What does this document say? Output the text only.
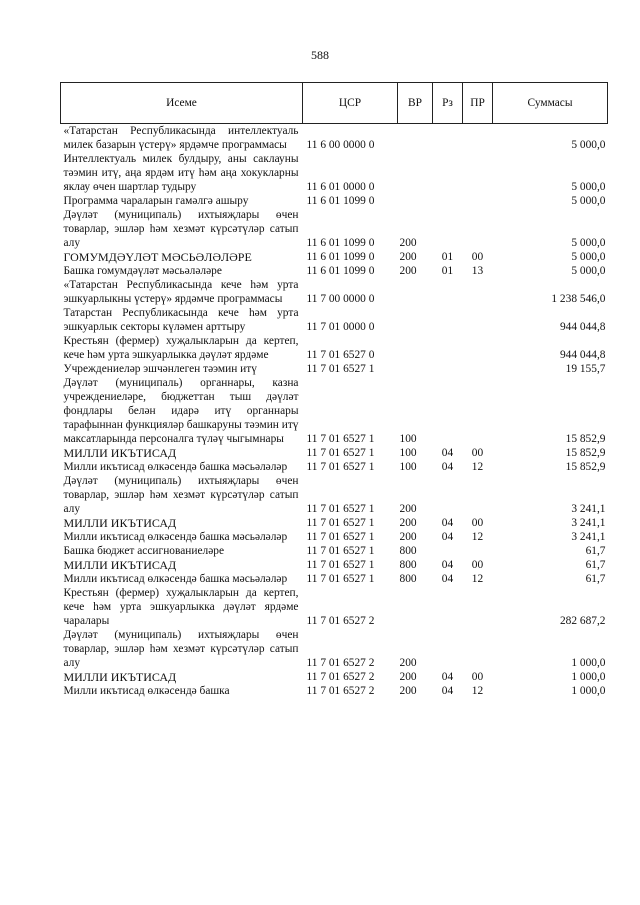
588
Исеме	ЦСР	ВР	Рз	ПР	Суммасы
«Татарстан Республикасында интеллектуаль милек базарын үстерү» ярдәмче программасы	11 6 00 0000 0				5 000,0
Интеллектуаль милек булдыру, аны саклауны тәэмин итү, аңа ярдәм итү һәм аңа хокукларны яклау өчен шартлар тудыру	11 6 01 0000 0				5 000,0
Программа чараларын гамәлгә ашыру	11 6 01 1099 0				5 000,0
Дәүләт (муниципаль) ихтыяҗлары өчен товарлар, эшләр һәм хезмәт күрсәтүләр сатып алу	11 6 01 1099 0	200			5 000,0
ГОМУМДӘҮЛӘТ МӘСЬӘЛӘЛӘРЕ	11 6 01 1099 0	200	01	00	5 000,0
Башка гомумдәүләт мәсьәләләре	11 6 01 1099 0	200	01	13	5 000,0
«Татарстан Республикасында кече һәм урта эшкуарлыкны үстерү» ярдәмче программасы	11 7 00 0000 0				1 238 546,0
Татарстан Республикасында кече һәм урта эшкуарлык секторы күләмен арттыру	11 7 01 0000 0				944 044,8
Крестьян (фермер) хуҗалыкларын да кертеп, кече һәм урта эшкуарлыкка дәүләт ярдәме	11 7 01 6527 0				944 044,8
Учреждениеләр эшчәнлеген тәэмин итү	11 7 01 6527 1				19 155,7
Дәүләт (муниципаль) органнары, казна учреждениеләре, бюджеттан тыш дәүләт фондлары белән идарә итү органнары тарафыннан функцияләр башкаруны тәэмин итү максатларында персоналга түләү чыгымнары	11 7 01 6527 1	100			15 852,9
МИЛЛИ ИКЪТИСАД	11 7 01 6527 1	100	04	00	15 852,9
Милли икътисад өлкәсендә башка мәсьәләләр	11 7 01 6527 1	100	04	12	15 852,9
Дәүләт (муниципаль) ихтыяҗлары өчен товарлар, эшләр һәм хезмәт күрсәтүләр сатып алу	11 7 01 6527 1	200			3 241,1
МИЛЛИ ИКЪТИСАД	11 7 01 6527 1	200	04	00	3 241,1
Милли икътисад өлкәсендә башка мәсьәләләр	11 7 01 6527 1	200	04	12	3 241,1
Башка бюджет ассигнованиеләре	11 7 01 6527 1	800			61,7
МИЛЛИ ИКЪТИСАД	11 7 01 6527 1	800	04	00	61,7
Милли икътисад өлкәсендә башка мәсьәләләр	11 7 01 6527 1	800	04	12	61,7
Крестьян (фермер) хуҗалыкларын да кертеп, кече һәм урта эшкуарлыкка дәүләт ярдәме чаралары	11 7 01 6527 2				282 687,2
Дәүләт (муниципаль) ихтыяҗлары өчен товарлар, эшләр һәм хезмәт күрсәтүләр сатып алу	11 7 01 6527 2	200			1 000,0
МИЛЛИ ИКЪТИСАД	11 7 01 6527 2	200	04	00	1 000,0
Милли икътисад өлкәсендә башка	11 7 01 6527 2	200	04	12	1 000,0
